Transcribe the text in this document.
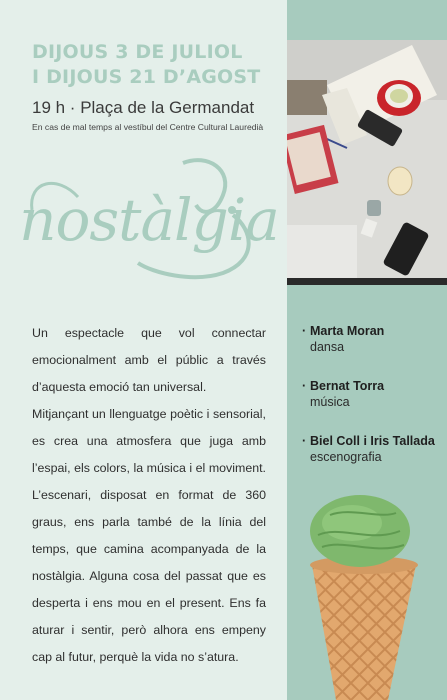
DIJOUS 3 DE JULIOL
I DIJOUS 21 D’AGOST
19 h · Plaça de la Germandat
En cas de mal temps al vestíbul del Centre Cultural Lauredià
nostàlgia

Un espectacle que vol connectar emocionalment amb el públic a través d’aquesta emoció tan universal.

Mitjançant un llenguatge poètic i sensorial, es crea una atmosfera que juga amb l’espai, els colors, la música i el moviment. L’escenari, disposat en format de 360 graus, ens parla també de la línia del temps, que camina acompanyada de la nostàlgia. Alguna cosa del passat que es desperta i ens mou en el present. Ens fa aturar i sentir, però alhora ens empeny cap al futur, perquè la vida no s’atura.

· Marta Moran
dansa
· Bernat Torra
música
· Biel Coll i Iris Tallada
escenografia
